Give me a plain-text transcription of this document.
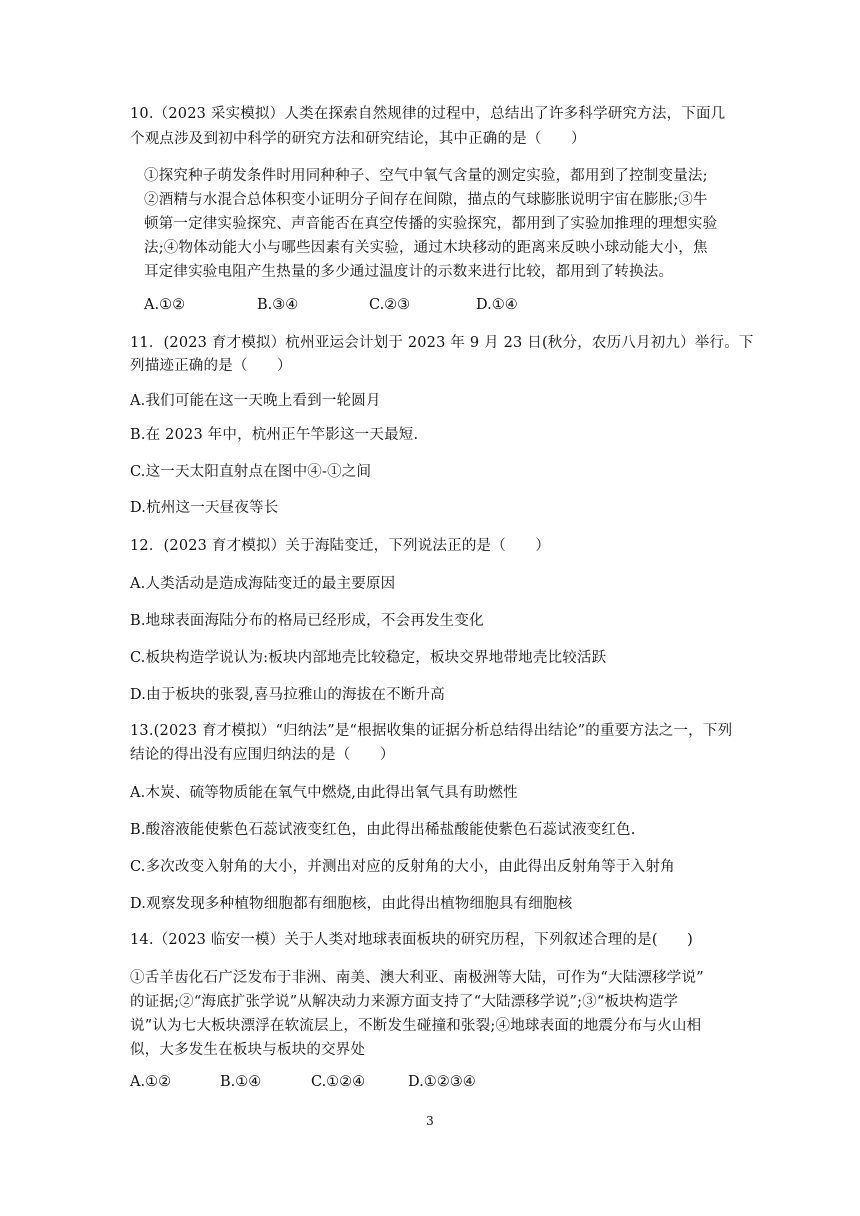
10.（2023 采实模拟）人类在探索自然规律的过程中，总结出了许多科学研究方法，下面几
个观点涉及到初中科学的研究方法和研究结论，其中正确的是（　　）
①探究种子萌发条件时用同种种子、空气中氧气含量的测定实验，都用到了控制变量法;
②酒精与水混合总体积变小证明分子间存在间隙，描点的气球膨胀说明宇宙在膨胀;③牛
顿第一定律实验探究、声音能否在真空传播的实验探究，都用到了实验加推理的理想实验
法;④物体动能大小与哪些因素有关实验，通过木块移动的距离来反映小球动能大小，焦
耳定律实验电阻产生热量的多少通过温度计的示数来进行比较，都用到了转换法。
A.①②	B.③④	C.②③	D.①④
11．(2023 育才模拟）杭州亚运会计划于 2023 年 9 月 23 日(秋分，农历八月初九）举行。下
列描迹正确的是（　　）
A.我们可能在这一天晚上看到一轮圆月
B.在 2023 年中，杭州正午竿影这一天最短.
C.这一天太阳直射点在图中④-①之间
D.杭州这一天昼夜等长
12．(2023 育才模拟）关于海陆变迁，下列说法正的是（　　）
A.人类活动是造成海陆变迁的最主要原因
B.地球表面海陆分布的格局已经形成，不会再发生变化
C.板块构造学说认为:板块内部地壳比较稳定，板块交界地带地壳比较活跃
D.由于板块的张裂,喜马拉雅山的海拔在不断升高
13.(2023 育才模拟）“归纳法”是“根据收集的证据分析总结得出结论”的重要方法之一，下列
结论的得出没有应围归纳法的是（　　）
A.木炭、硫等物质能在氧气中燃烧,由此得出氧气具有助燃性
B.酸溶液能使紫色石蕊试液变红色，由此得出稀盐酸能使紫色石蕊试液变红色.
C.多次改变入射角的大小，并测出对应的反射角的大小，由此得出反射角等于入射角
D.观察发现多种植物细胞都有细胞核，由此得出植物细胞具有细胞核
14.（2023 临安一模）关于人类对地球表面板块的研究历程，下列叙述合理的是(　　)
①舌羊齿化石广泛发布于非洲、南美、澳大利亚、南极洲等大陆，可作为“大陆漂移学说”
的证据;②“海底扩张学说”从解决动力来源方面支持了“大陆漂移学说”;③“板块构造学
说”认为七大板块漂浮在软流层上，不断发生碰撞和张裂;④地球表面的地震分布与火山相
似，大多发生在板块与板块的交界处
A.①②	B.①④	C.①②④	D.①②③④
3
